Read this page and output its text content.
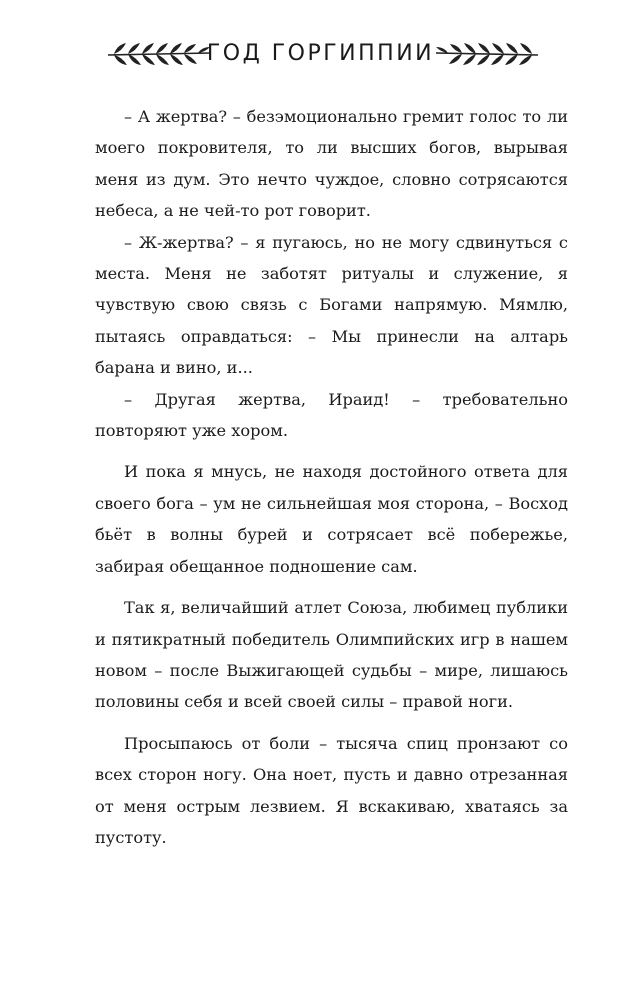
ГОД ГОРГИППИИ

– А жертва? – безэмоционально гремит голос то ли моего покровителя, то ли высших богов, вырывая меня из дум. Это нечто чуждое, словно сотрясаются небеса, а не чей-то рот говорит.

– Ж-жертва? – я пугаюсь, но не могу сдвинуться с места. Меня не заботят ритуалы и служение, я чувствую свою связь с Богами напрямую. Мямлю, пытаясь оправдаться: – Мы принесли на алтарь барана и вино, и...

– Другая жертва, Ираид! – требовательно повторяют уже хором.

И пока я мнусь, не находя достойного ответа для своего бога – ум не сильнейшая моя сторона, – Восход бьёт в волны бурей и сотрясает всё побережье, забирая обещанное подношение сам.

Так я, величайший атлет Союза, любимец публики и пятикратный победитель Олимпийских игр в нашем новом – после Выжигающей судьбы – мире, лишаюсь половины себя и всей своей силы – правой ноги.

Просыпаюсь от боли – тысяча спиц пронзают со всех сторон ногу. Она ноет, пусть и давно отрезанная от меня острым лезвием. Я вскакиваю, хватаясь за пустоту.
